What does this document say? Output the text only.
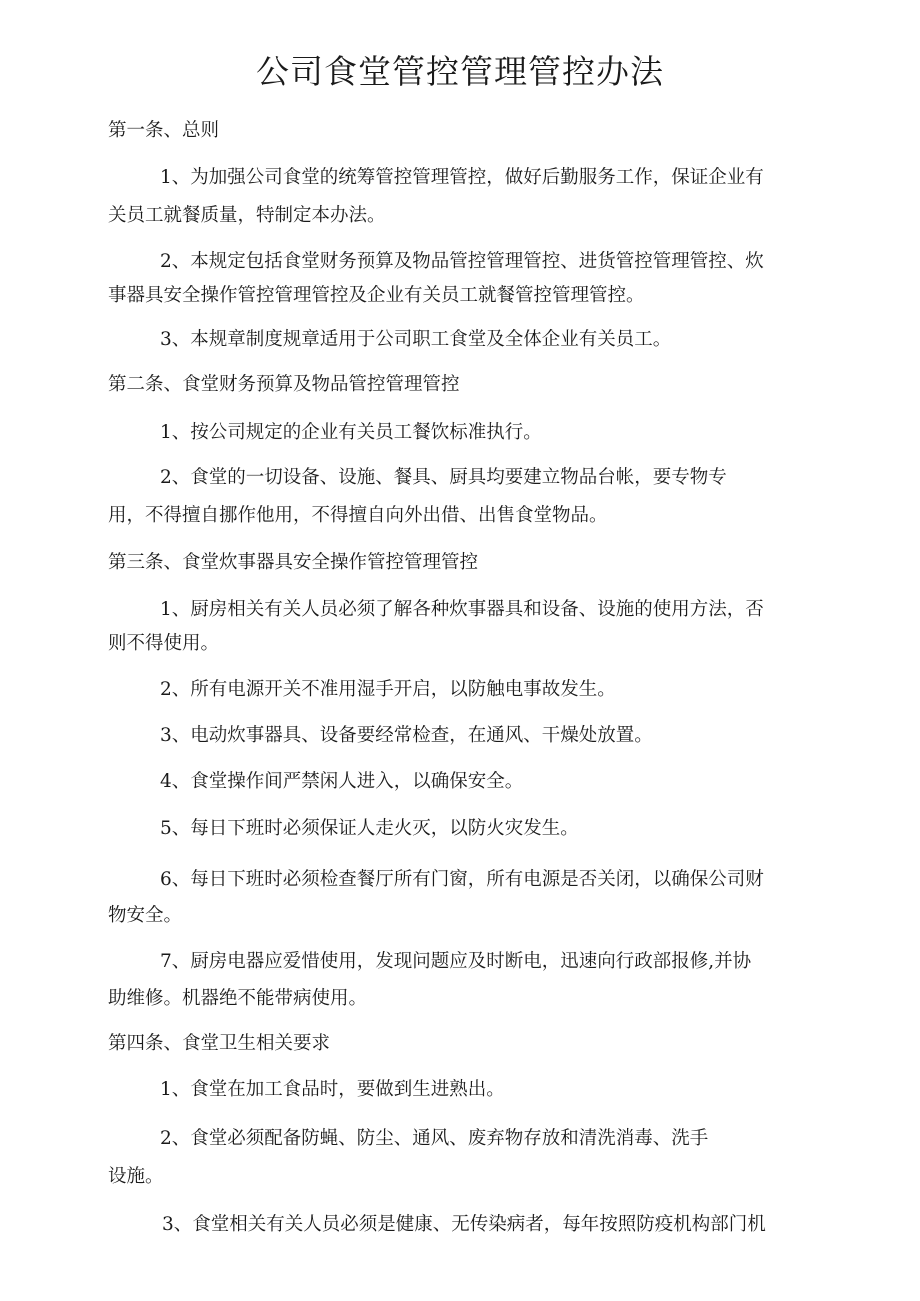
公司食堂管控管理管控办法
第一条、总则
1、为加强公司食堂的统筹管控管理管控，做好后勤服务工作，保证企业有
关员工就餐质量，特制定本办法。
2、本规定包括食堂财务预算及物品管控管理管控、进货管控管理管控、炊
事器具安全操作管控管理管控及企业有关员工就餐管控管理管控。
3、本规章制度规章适用于公司职工食堂及全体企业有关员工。
第二条、食堂财务预算及物品管控管理管控
1、按公司规定的企业有关员工餐饮标准执行。
2、食堂的一切设备、设施、餐具、厨具均要建立物品台帐，要专物专
用，不得擅自挪作他用，不得擅自向外出借、出售食堂物品。
第三条、食堂炊事器具安全操作管控管理管控
1、厨房相关有关人员必须了解各种炊事器具和设备、设施的使用方法，否
则不得使用。
2、所有电源开关不准用湿手开启，以防触电事故发生。
3、电动炊事器具、设备要经常检查，在通风、干燥处放置。
4、食堂操作间严禁闲人进入，以确保安全。
5、每日下班时必须保证人走火灭，以防火灾发生。
6、每日下班时必须检查餐厅所有门窗，所有电源是否关闭，以确保公司财
物安全。
7、厨房电器应爱惜使用，发现问题应及时断电，迅速向行政部报修,并协
助维修。机器绝不能带病使用。
第四条、食堂卫生相关要求
1、食堂在加工食品时，要做到生进熟出。
2、食堂必须配备防蝇、防尘、通风、废弃物存放和清洗消毒、洗手
设施。
3、食堂相关有关人员必须是健康、无传染病者，每年按照防疫机构部门机
